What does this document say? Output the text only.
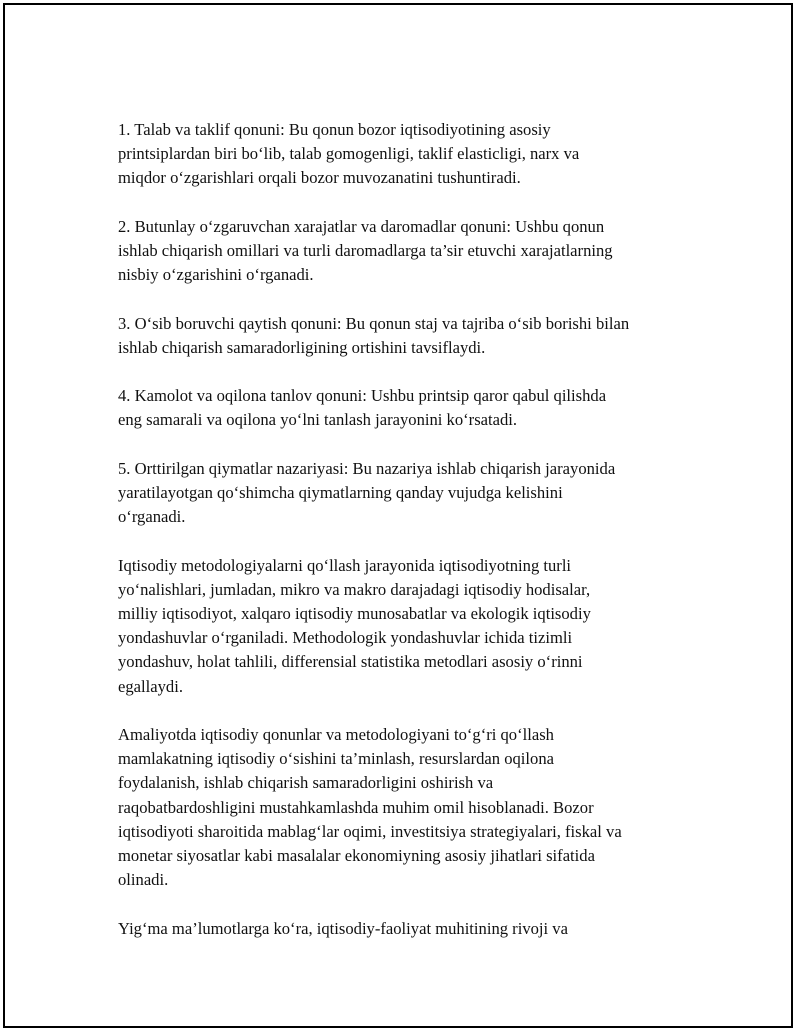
1. Talab va taklif qonuni: Bu qonun bozor iqtisodiyotining asosiy
printsiplardan biri bo‘lib, talab gomogenligi, taklif elasticligi, narx va
miqdor o‘zgarishlari orqali bozor muvozanatini tushuntiradi.

2. Butunlay o‘zgaruvchan xarajatlar va daromadlar qonuni: Ushbu qonun
ishlab chiqarish omillari va turli daromadlarga ta’sir etuvchi xarajatlarning
nisbiy o‘zgarishini o‘rganadi.

3. O‘sib boruvchi qaytish qonuni: Bu qonun staj va tajriba o‘sib borishi bilan
ishlab chiqarish samaradorligining ortishini tavsiflaydi.

4. Kamolot va oqilona tanlov qonuni: Ushbu printsip qaror qabul qilishda
eng samarali va oqilona yo‘lni tanlash jarayonini ko‘rsatadi.

5. Orttirilgan qiymatlar nazariyasi: Bu nazariya ishlab chiqarish jarayonida
yaratilayotgan qo‘shimcha qiymatlarning qanday vujudga kelishini
o‘rganadi.

Iqtisodiy metodologiyalarni qo‘llash jarayonida iqtisodiyotning turli
yo‘nalishlari, jumladan, mikro va makro darajadagi iqtisodiy hodisalar,
milliy iqtisodiyot, xalqaro iqtisodiy munosabatlar va ekologik iqtisodiy
yondashuvlar o‘rganiladi. Methodologik yondashuvlar ichida tizimli
yondashuv, holat tahlili, differensial statistika metodlari asosiy o‘rinni
egallaydi.

Amaliyotda iqtisodiy qonunlar va metodologiyani to‘g‘ri qo‘llash
mamlakatning iqtisodiy o‘sishini ta’minlash, resurslardan oqilona
foydalanish, ishlab chiqarish samaradorligini oshirish va
raqobatbardoshligini mustahkamlashda muhim omil hisoblanadi. Bozor
iqtisodiyoti sharoitida mablag‘lar oqimi, investitsiya strategiyalari, fiskal va
monetar siyosatlar kabi masalalar ekonomiyning asosiy jihatlari sifatida
olinadi.

Yig‘ma ma’lumotlarga ko‘ra, iqtisodiy-faoliyat muhitining rivoji va
